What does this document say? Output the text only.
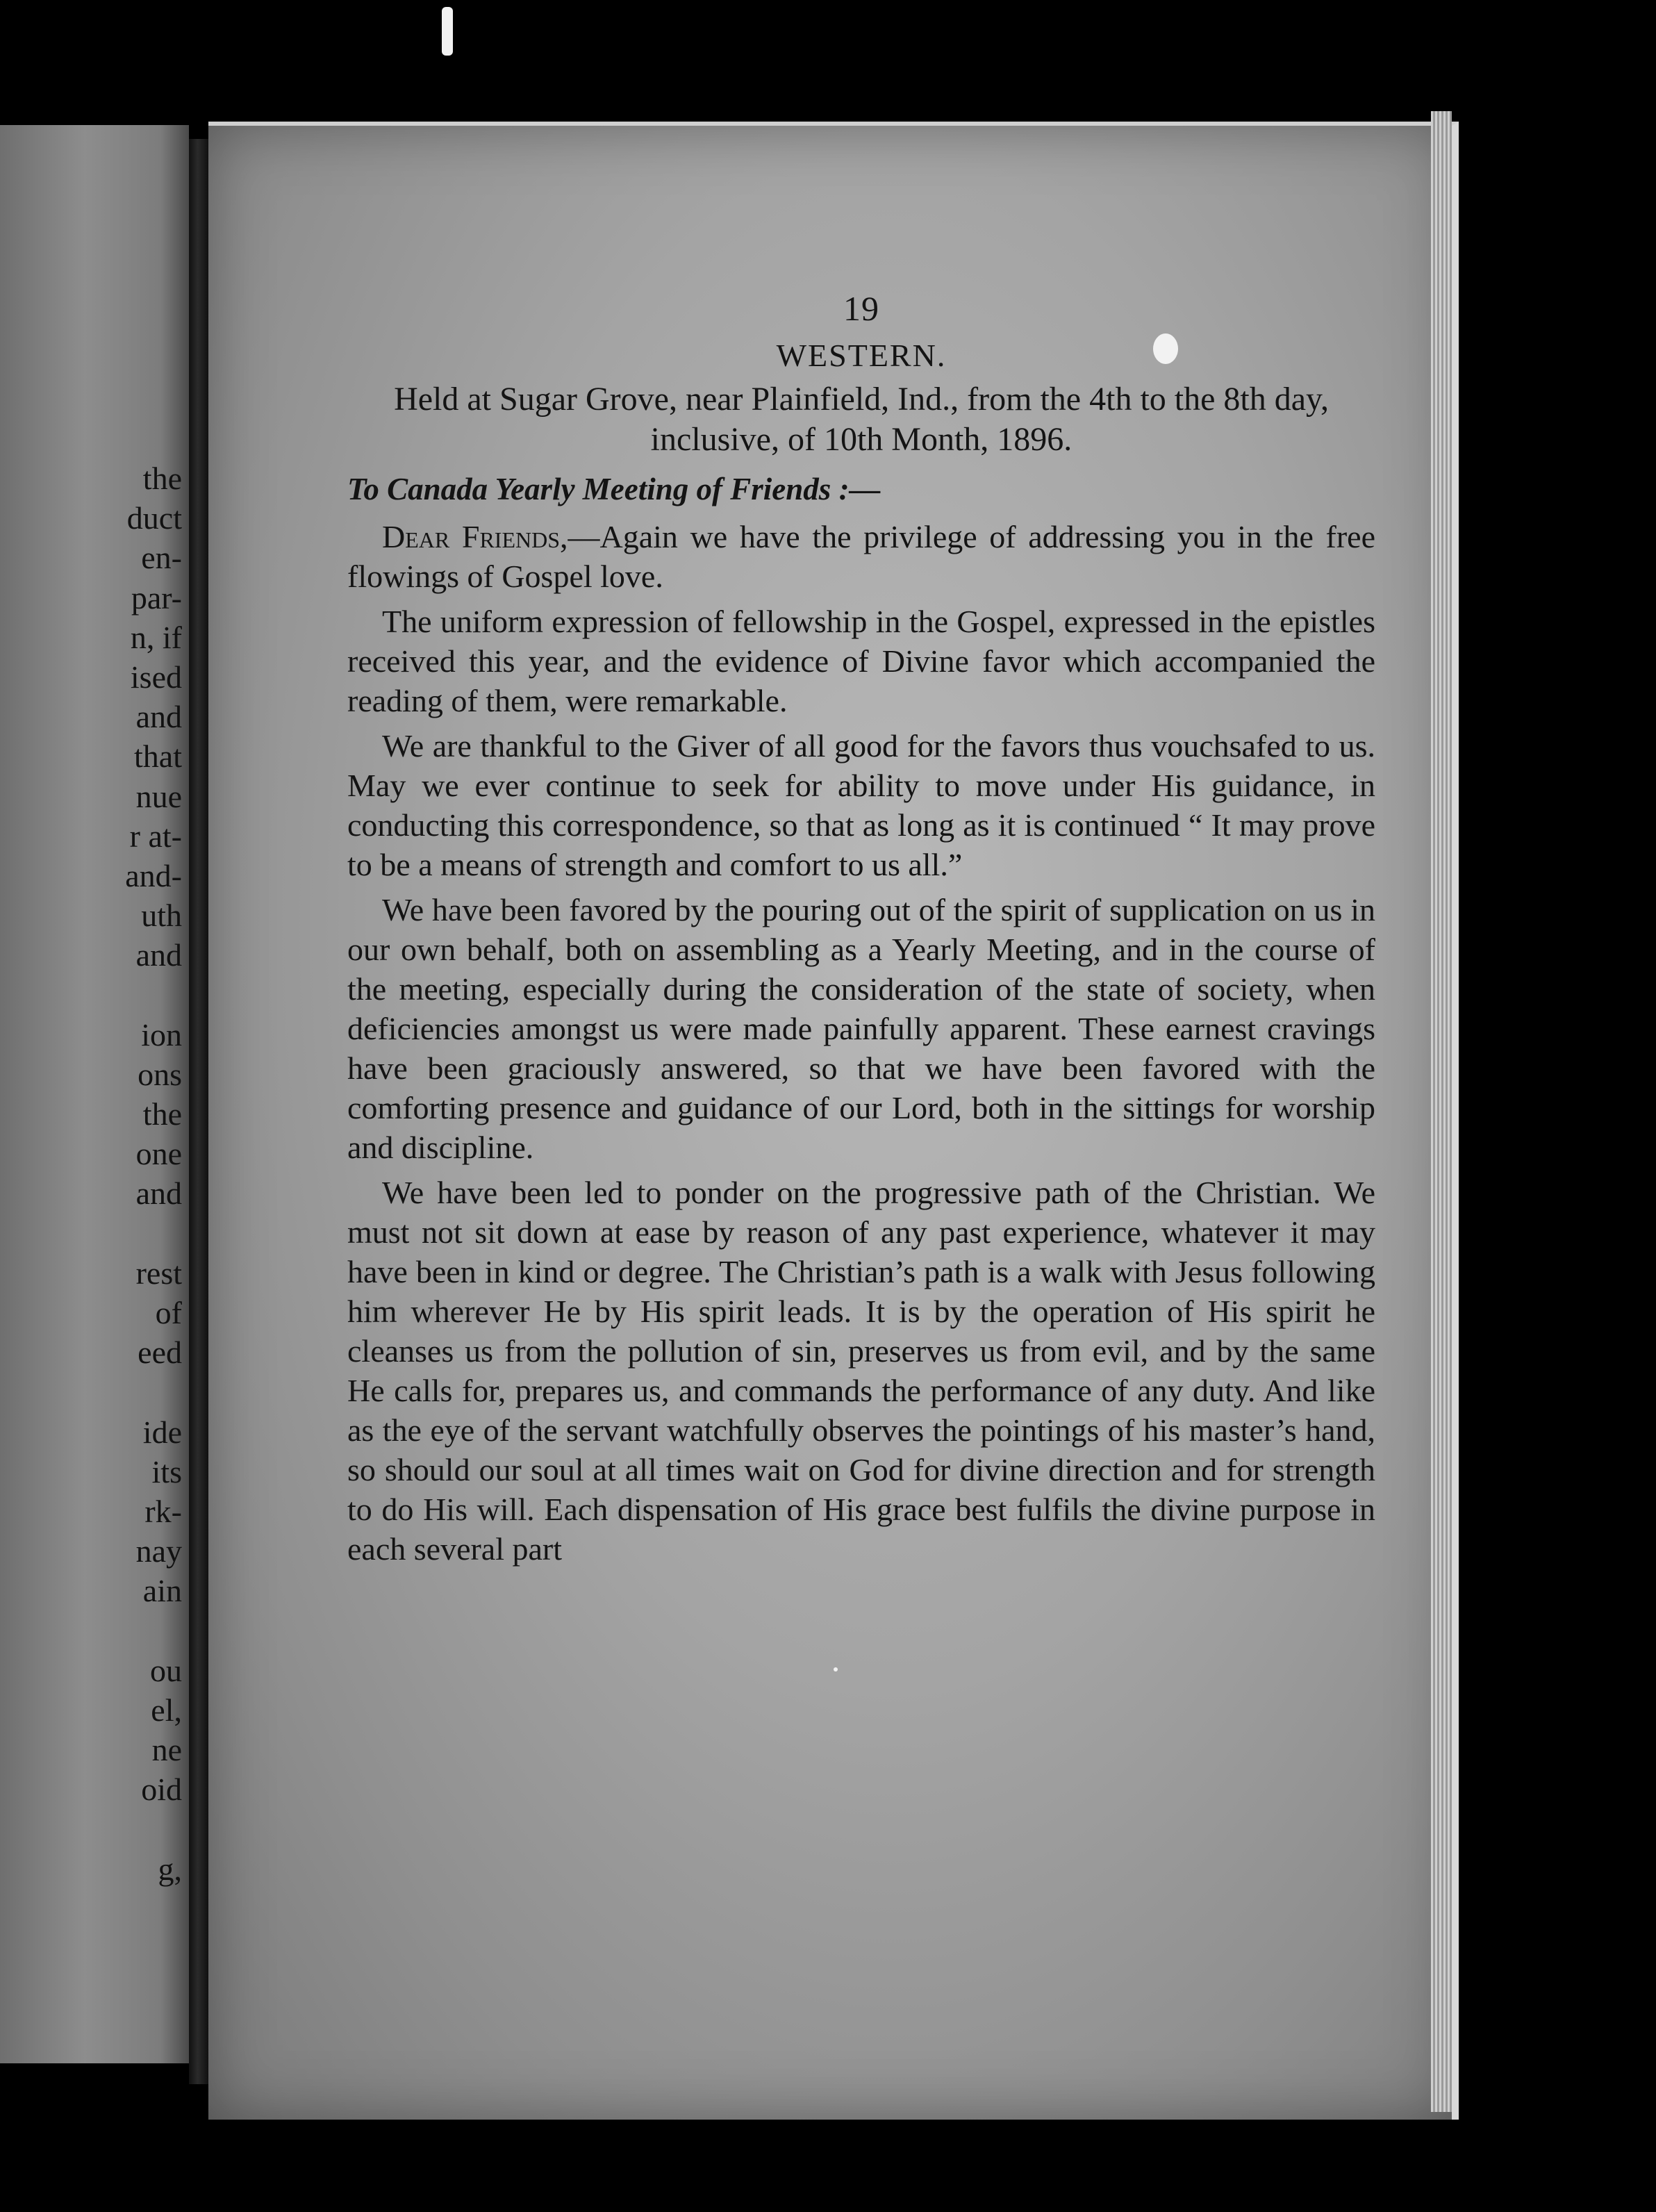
the
duct
en-
par-
n, if
ised
and
that
nue
r at-
and-
uth
and
ion
ons
the
one
and
rest
of
eed
ide
its
rk-
nay
ain
ou
el,
ne
oid
g,
19
WESTERN.
Held at Sugar Grove, near Plainfield, Ind., from the 4th to the 8th day, inclusive, of 10th Month, 1896.
To Canada Yearly Meeting of Friends :—

Dear Friends,—Again we have the privilege of addressing you in the free flowings of Gospel love.

The uniform expression of fellowship in the Gospel, expressed in the epistles received this year, and the evidence of Divine favor which accompanied the reading of them, were remarkable.

We are thankful to the Giver of all good for the favors thus vouchsafed to us. May we ever continue to seek for ability to move under His guidance, in conducting this correspondence, so that as long as it is continued “ It may prove to be a means of strength and comfort to us all.”

We have been favored by the pouring out of the spirit of supplication on us in our own behalf, both on assembling as a Yearly Meeting, and in the course of the meeting, especially during the consideration of the state of society, when deficiencies amongst us were made painfully apparent. These earnest cravings have been graciously answered, so that we have been favored with the comforting presence and guidance of our Lord, both in the sittings for worship and discipline.

We have been led to ponder on the progressive path of the Christian. We must not sit down at ease by reason of any past experience, whatever it may have been in kind or degree. The Christian’s path is a walk with Jesus following him wherever He by His spirit leads. It is by the operation of His spirit he cleanses us from the pollution of sin, preserves us from evil, and by the same He calls for, prepares us, and commands the performance of any duty. And like as the eye of the servant watchfully observes the pointings of his master’s hand, so should our soul at all times wait on God for divine direction and for strength to do His will. Each dispensation of His grace best fulfils the divine purpose in each several part
